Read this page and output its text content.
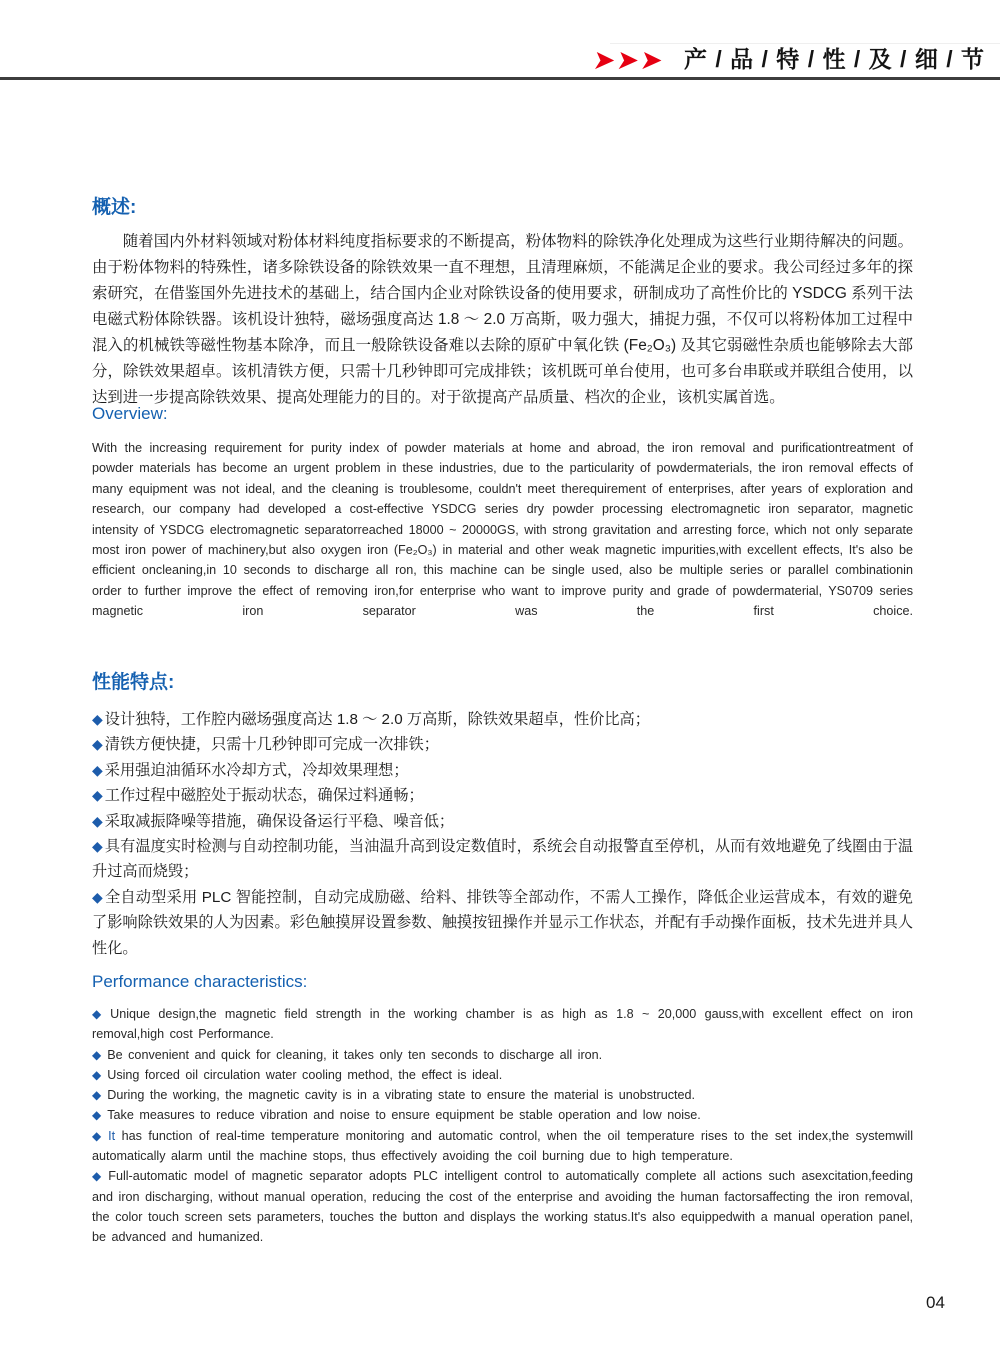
➤➤➤ 产 / 品 / 特 / 性 / 及 / 细 / 节
概述:

随着国内外材料领域对粉体材料纯度指标要求的不断提高，粉体物料的除铁净化处理成为这些行业期待解决的问题。由于粉体物料的特殊性，诸多除铁设备的除铁效果一直不理想，且清理麻烦，不能满足企业的要求。我公司经过多年的探索研究，在借鉴国外先进技术的基础上，结合国内企业对除铁设备的使用要求，研制成功了高性价比的 YSDCG 系列干法电磁式粉体除铁器。该机设计独特，磁场强度高达 1.8 ～ 2.0 万高斯，吸力强大，捕捉力强，不仅可以将粉体加工过程中混入的机械铁等磁性物基本除净，而且一般除铁设备难以去除的原矿中氧化铁 (Fe₂O₃) 及其它弱磁性杂质也能够除去大部分，除铁效果超卓。该机清铁方便，只需十几秒钟即可完成排铁；该机既可单台使用，也可多台串联或并联组合使用，以达到进一步提高除铁效果、提高处理能力的目的。对于欲提高产品质量、档次的企业，该机实属首选。

Overview:

With the increasing requirement for purity index of powder materials at home and abroad, the iron removal and purificationtreatment of powder materials has become an urgent problem in these industries, due to the particularity of powdermaterials, the iron removal effects of many equipment was not ideal, and the cleaning is troublesome, couldn't meet therequirement of enterprises, after years of exploration and research, our company had developed a cost-effective YSDCG series dry powder processing electromagnetic iron separator, magnetic intensity of YSDCG electromagnetic separatorreached 18000 ~ 20000GS, with strong gravitation and arresting force, which not only separate most iron power of machinery,but also oxygen iron (Fe₂O₃) in material and other weak magnetic impurities,with excellent effects, It's also be efficient oncleaning,in 10 seconds to discharge all ron, this machine can be single used, also be multiple series or parallel combinationin order to further improve the effect of removing iron,for enterprise who want to improve purity and grade of powdermaterial, YS0709 series magnetic iron separator was the first choice.

性能特点:

◆ 设计独特，工作腔内磁场强度高达 1.8 ～ 2.0 万高斯，除铁效果超卓，性价比高；

◆ 清铁方便快捷，只需十几秒钟即可完成一次排铁；

◆ 采用强迫油循环水冷却方式，冷却效果理想；

◆ 工作过程中磁腔处于振动状态，确保过料通畅；

◆ 采取减振降噪等措施，确保设备运行平稳、噪音低；

◆ 具有温度实时检测与自动控制功能，当油温升高到设定数值时，系统会自动报警直至停机，从而有效地避免了线圈由于温升过高而烧毁；

◆ 全自动型采用 PLC 智能控制，自动完成励磁、给料、排铁等全部动作，不需人工操作，降低企业运营成本，有效的避免了影响除铁效果的人为因素。彩色触摸屏设置参数、触摸按钮操作并显示工作状态，并配有手动操作面板，技术先进并具人性化。

Performance characteristics:

◆ Unique design,the magnetic field strength in the working chamber is as high as 1.8 ~ 20,000 gauss,with excellent effect on iron removal,high cost Performance.

◆ Be convenient and quick for cleaning, it takes only ten seconds to discharge all iron.

◆ Using forced oil circulation water cooling method, the effect is ideal.

◆ During the working, the magnetic cavity is in a vibrating state to ensure the material is unobstructed.

◆ Take measures to reduce vibration and noise to ensure equipment be stable operation and low noise.

◆ It has function of real-time temperature monitoring and automatic control, when the oil temperature rises to the set index,the systemwill automatically alarm until the machine stops, thus effectively avoiding the coil burning due to high temperature.

◆ Full-automatic model of magnetic separator adopts PLC intelligent control to automatically complete all actions such asexcitation,feeding and iron discharging, without manual operation, reducing the cost of the enterprise and avoiding the human factorsaffecting the iron removal, the color touch screen sets parameters, touches the button and displays the working status.It's also equippedwith a manual operation panel, be advanced and humanized.

04
